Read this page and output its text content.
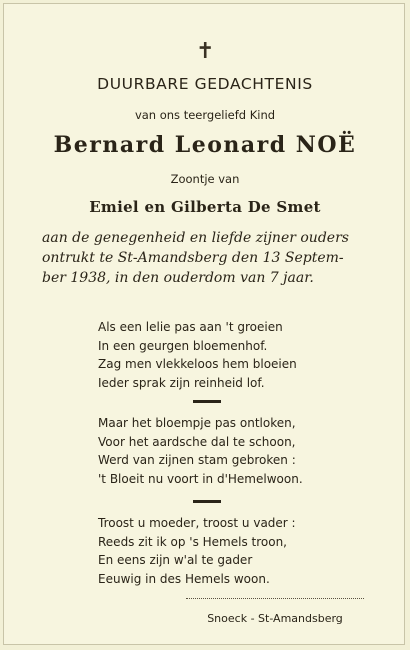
✝
DUURBARE GEDACHTENIS
van ons teergeliefd Kind
Bernard Leonard NOË
Zoontje van
Emiel en Gilberta De Smet
aan de genegenheid en liefde zijner ouders
ontrukt te St-Amandsberg den 13 Septem-
ber 1938, in den ouderdom van 7 jaar.
Als een lelie pas aan 't groeien
In een geurgen bloemenhof.
Zag men vlekkeloos hem bloeien
Ieder sprak zijn reinheid lof.
Maar het bloempje pas ontloken,
Voor het aardsche dal te schoon,
Werd van zijnen stam gebroken :
't Bloeit nu voort in d'Hemelwoon.
Troost u moeder, troost u vader :
Reeds zit ik op 's Hemels troon,
En eens zijn w'al te gader
Eeuwig in des Hemels woon.
Snoeck - St-Amandsberg
